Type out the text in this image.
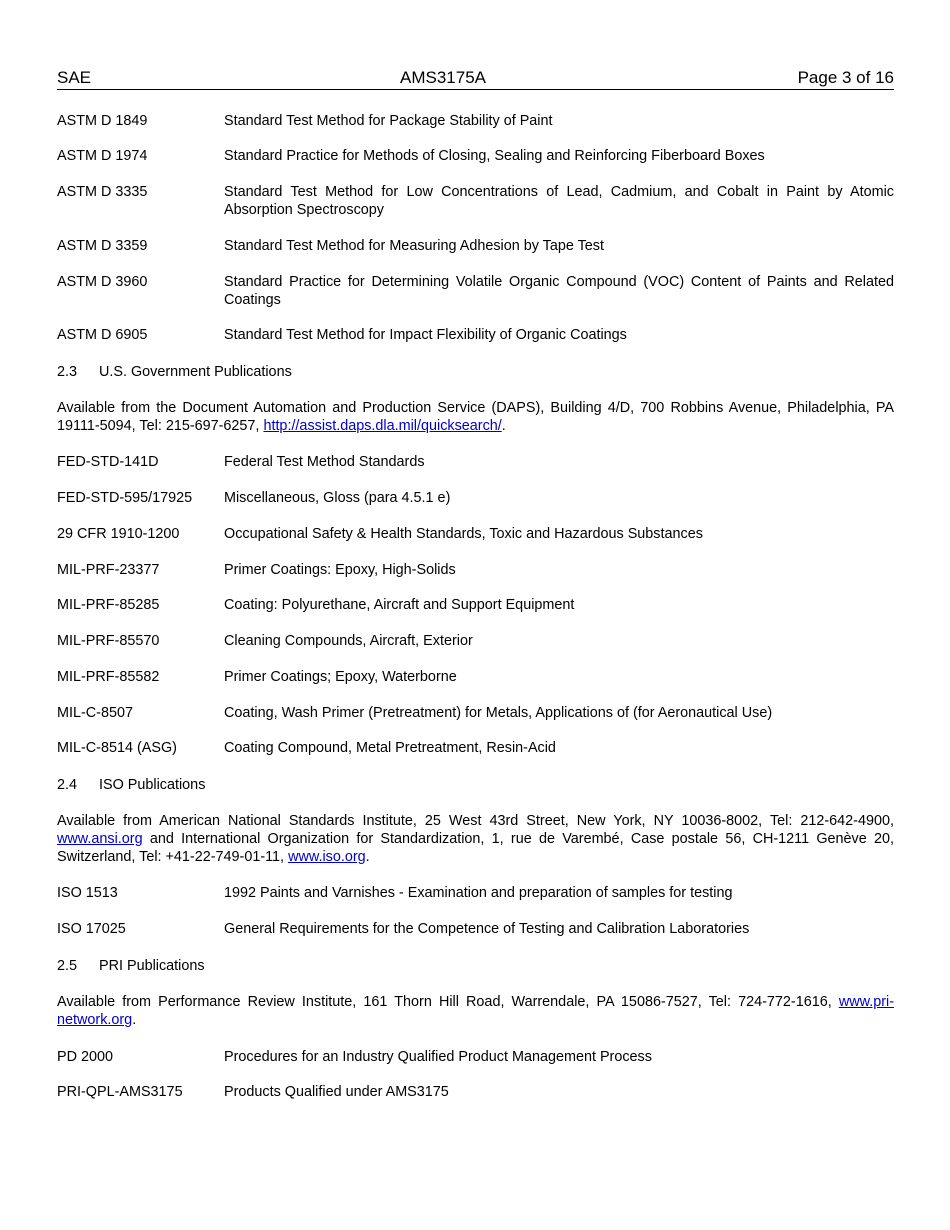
SAE	AMS3175A	Page 3 of 16
ASTM D 1849	Standard Test Method for Package Stability of Paint
ASTM D 1974	Standard Practice for Methods of Closing, Sealing and Reinforcing Fiberboard Boxes
ASTM D 3335	Standard Test Method for Low Concentrations of Lead, Cadmium, and Cobalt in Paint by Atomic Absorption Spectroscopy
ASTM D 3359	Standard Test Method for Measuring Adhesion by Tape Test
ASTM D 3960	Standard Practice for Determining Volatile Organic Compound (VOC) Content of Paints and Related Coatings
ASTM D 6905	Standard Test Method for Impact Flexibility of Organic Coatings
2.3 U.S. Government Publications
Available from the Document Automation and Production Service (DAPS), Building 4/D, 700 Robbins Avenue, Philadelphia, PA 19111-5094, Tel: 215-697-6257, http://assist.daps.dla.mil/quicksearch/.
FED-STD-141D	Federal Test Method Standards
FED-STD-595/17925 Miscellaneous, Gloss (para 4.5.1 e)
29 CFR 1910-1200	Occupational Safety & Health Standards, Toxic and Hazardous Substances
MIL-PRF-23377	Primer Coatings: Epoxy, High-Solids
MIL-PRF-85285	Coating: Polyurethane, Aircraft and Support Equipment
MIL-PRF-85570	Cleaning Compounds, Aircraft, Exterior
MIL-PRF-85582	Primer Coatings; Epoxy, Waterborne
MIL-C-8507	Coating, Wash Primer (Pretreatment) for Metals, Applications of (for Aeronautical Use)
MIL-C-8514 (ASG)	Coating Compound, Metal Pretreatment, Resin-Acid
2.4 ISO Publications
Available from American National Standards Institute, 25 West 43rd Street, New York, NY 10036-8002, Tel: 212-642-4900, www.ansi.org and International Organization for Standardization, 1, rue de Varembé, Case postale 56, CH-1211 Genève 20, Switzerland, Tel: +41-22-749-01-11, www.iso.org.
ISO 1513	1992 Paints and Varnishes - Examination and preparation of samples for testing
ISO 17025	General Requirements for the Competence of Testing and Calibration Laboratories
2.5 PRI Publications
Available from Performance Review Institute, 161 Thorn Hill Road, Warrendale, PA 15086-7527, Tel: 724-772-1616, www.pri-network.org.
PD 2000	Procedures for an Industry Qualified Product Management Process
PRI-QPL-AMS3175	Products Qualified under AMS3175
